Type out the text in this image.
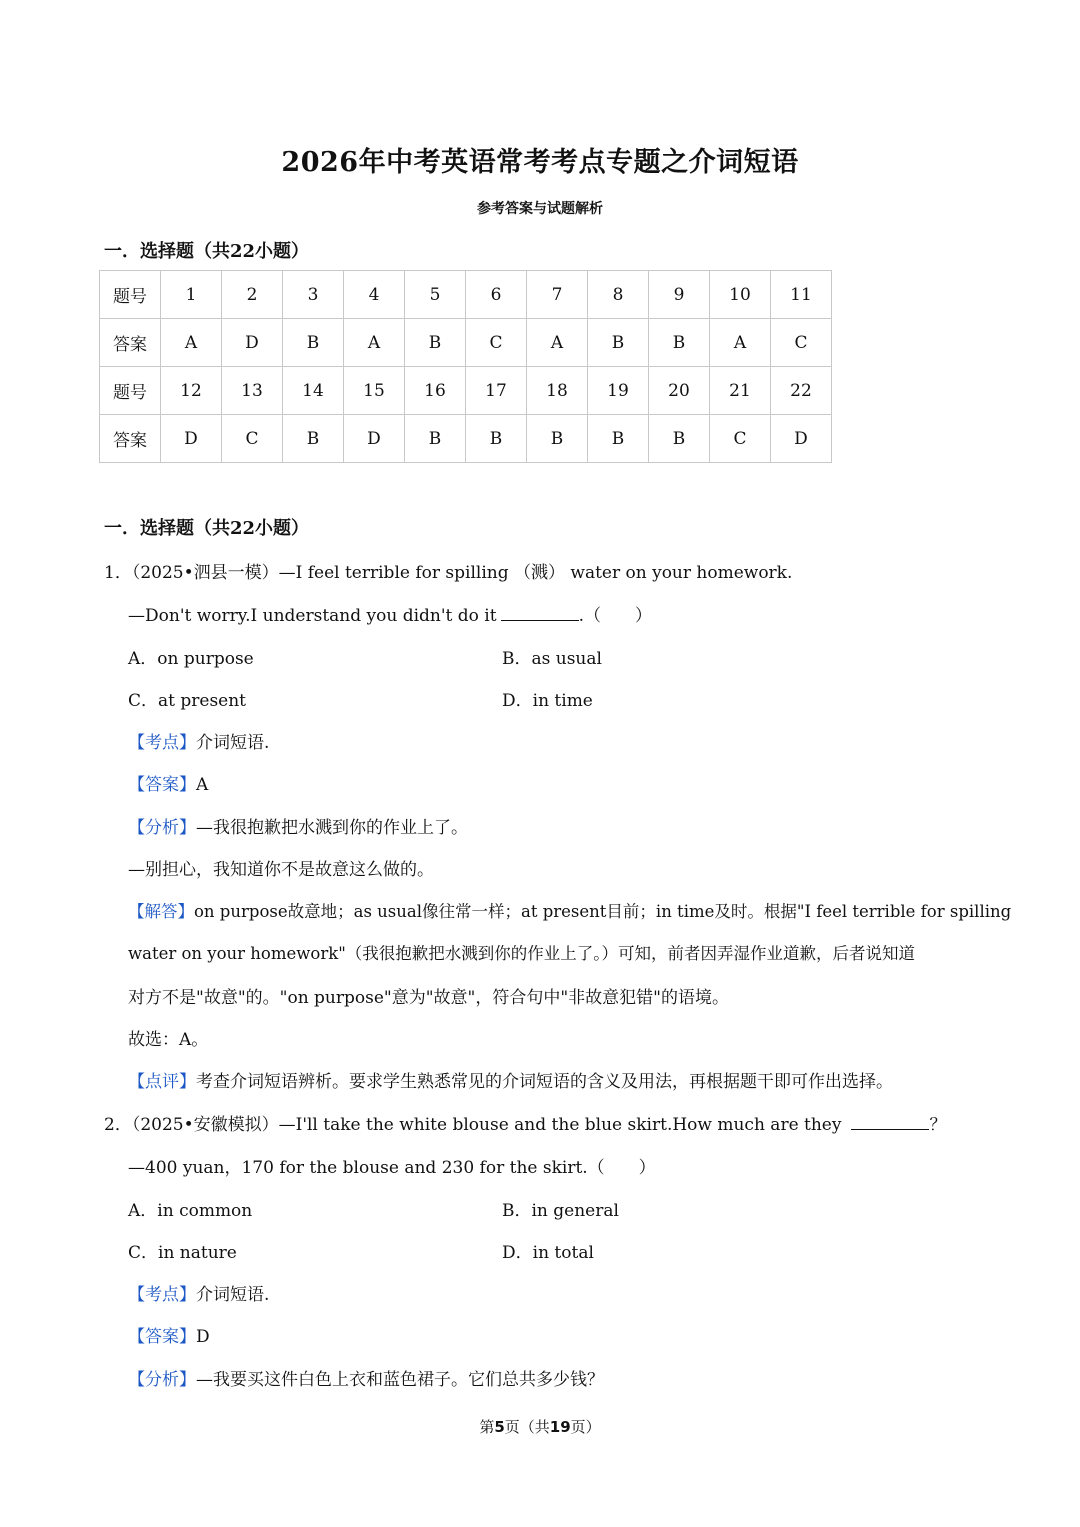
2026年中考英语常考考点专题之介词短语
参考答案与试题解析
一．选择题（共22小题）
题号	1	2	3	4	5	6	7	8	9	10	11
答案	A	D	B	A	B	C	A	B	B	A	C
题号	12	13	14	15	16	17	18	19	20	21	22
答案	D	C	B	D	B	B	B	B	B	C	D
一．选择题（共22小题）
1．（2025•泗县一模）—I feel terrible for spilling （溅） water on your homework.
—Don't worry.I understand you didn't do it	.（　　）
A．on purpose	B．as usual
C．at present	D．in time
【考点】介词短语.
【答案】A
【分析】—我很抱歉把水溅到你的作业上了。
—别担心，我知道你不是故意这么做的。
【解答】on purpose故意地；as usual像往常一样；at present目前；in time及时。根据"I feel terrible for spilling
water on your homework"（我很抱歉把水溅到你的作业上了。）可知，前者因弄湿作业道歉，后者说知道
对方不是"故意"的。"on purpose"意为"故意"，符合句中"非故意犯错"的语境。
故选：A。
【点评】考查介词短语辨析。要求学生熟悉常见的介词短语的含义及用法，再根据题干即可作出选择。
2．（2025•安徽模拟）—I'll take the white blouse and the blue skirt.How much are they	？
—400 yuan，170 for the blouse and 230 for the skirt.（　　）
A．in common	B．in general
C．in nature	D．in total
【考点】介词短语.
【答案】D
【分析】—我要买这件白色上衣和蓝色裙子。它们总共多少钱？
第5页（共19页）
